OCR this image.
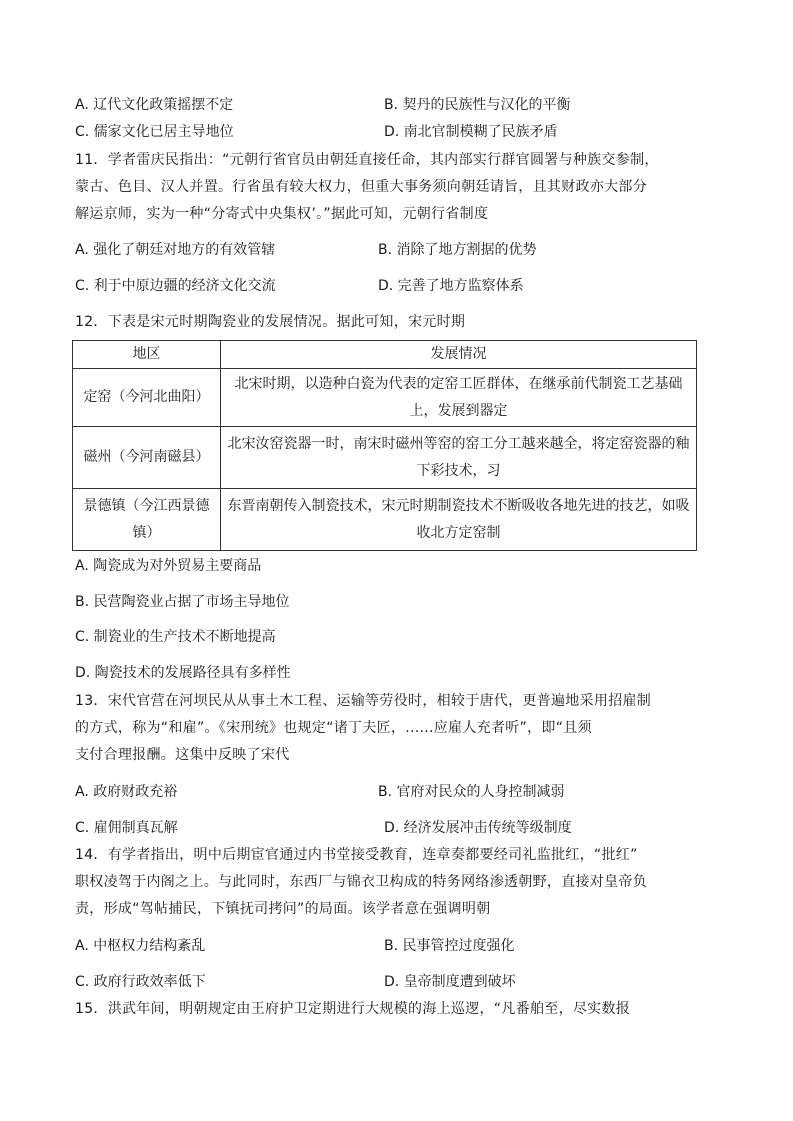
A. 辽代文化政策摇摆不定	B. 契丹的民族性与汉化的平衡
C. 儒家文化已居主导地位	D. 南北官制模糊了民族矛盾
11．学者雷庆民指出：“元朝行省官员由朝廷直接任命，其内部实行群官圆署与种族交参制，
蒙古、色目、汉人并置。行省虽有较大权力，但重大事务须向朝廷请旨，且其财政亦大部分
解运京师，实为一种“分寄式中央集权’。”据此可知，元朝行省制度
A. 强化了朝廷对地方的有效管辖	B. 消除了地方割据的优势
C. 利于中原边疆的经济文化交流	D. 完善了地方监察体系
12．下表是宋元时期陶瓷业的发展情况。据此可知，宋元时期
地区	发展情况
定窑（今河北曲阳）	北宋时期，以造种白瓷为代表的定窑工匠群体，在继承前代制瓷工艺基础
上，发展到器定

磁州（今河南磁县）	北宋汝窑瓷器一时，南宋时磁州等窑的窑工分工越来越全，将定窑瓷器的釉
下彩技术，习

景德镇（今江西景德
镇）	东晋南朝传入制瓷技术，宋元时期制瓷技术不断吸收各地先进的技艺，如吸
收北方定窑制
A. 陶瓷成为对外贸易主要商品
B. 民营陶瓷业占据了市场主导地位
C. 制瓷业的生产技术不断地提高
D. 陶瓷技术的发展路径具有多样性
13．宋代官营在河坝民从从事土木工程、运输等劳役时，相较于唐代，更普遍地采用招雇制
的方式，称为“和雇”。《宋刑统》也规定“诸丁夫匠，......应雇人充者听”，即“且须
支付合理报酬。这集中反映了宋代
A. 政府财政充裕	B. 官府对民众的人身控制减弱
C. 雇佣制真瓦解	D. 经济发展冲击传统等级制度
14．有学者指出，明中后期宦官通过内书堂接受教育，连章奏都要经司礼监批红，“批红”
职权凌驾于内阁之上。与此同时，东西厂与锦衣卫构成的特务网络渗透朝野，直接对皇帝负
责，形成“驾帖捕民，下镇抚司拷问”的局面。该学者意在强调明朝
A. 中枢权力结构紊乱	B. 民事管控过度强化
C. 政府行政效率低下	D. 皇帝制度遭到破坏
15．洪武年间，明朝规定由王府护卫定期进行大规模的海上巡逻，“凡番舶至，尽实数报
